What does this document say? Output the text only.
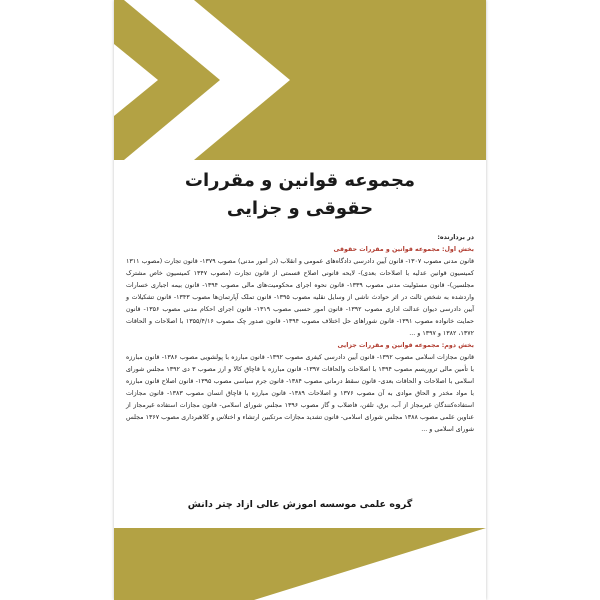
مجموعه قوانین و مقررات
حقوقی و جزایی
در بردارنده:
بخش اول: مجموعه قوانین و مقررات حقوقی

قانون مدنی مصوب ۱۳۰۷- قانون آیین دادرسی دادگاه‌های عمومی و انقلاب (در امور مدنی) مصوب ۱۳۷۹- قانون تجارت (مصوب ۱۳۱۱ کمیسیون قوانین عدلیه با اصلاحات بعدی)- لایحه قانونی اصلاح قسمتی از قانون تجارت (مصوب ۱۳۴۷ کمیسیون خاص مشترک مجلسین)- قانون مسئولیت مدنی مصوب ۱۳۳۹- قانون نحوه اجرای محکومیت‌های مالی مصوب ۱۳۹۴- قانون بیمه اجباری خسارات واردشده به شخص ثالث در اثر حوادث ناشی از وسایل نقلیه مصوب ۱۳۹۵- قانون تملک آپارتمان‌ها مصوب ۱۳۴۳- قانون تشکیلات و آیین دادرسی دیوان عدالت اداری مصوب ۱۳۹۲- قانون امور حسبی مصوب ۱۳۱۹- قانون اجرای احکام مدنی مصوب ۱۳۵۶- قانون حمایت خانواده مصوب ۱۳۹۱- قانون شوراهای حل اختلاف مصوب ۱۳۹۴- قانون صدور چک مصوب ۱۳۵۵/۴/۱۶ با اصلاحات و الحاقات ۱۳۷۲، ۱۳۸۲ و ۱۳۹۷ و ...

بخش دوم: مجموعه قوانین و مقررات جزایی

قانون مجازات اسلامی مصوب ۱۳۹۲- قانون آیین دادرسی کیفری مصوب ۱۳۹۲- قانون مبارزه با پولشویی مصوب ۱۳۸۶- قانون مبارزه با تأمین مالی تروریسم مصوب ۱۳۹۴ با اصلاحات والحاقات ۱۳۹۷- قانون مبارزه با قاچاق کالا و ارز مصوب ۳ دی ۱۳۹۲ مجلس شورای اسلامی با اصلاحات و الحاقات بعدی- قانون سقط درمانی مصوب ۱۳۸۴- قانون جرم سیاسی مصوب ۱۳۹۵- قانون اصلاح قانون مبارزه با مواد مخدر و الحاق موادی به آن مصوب ۱۳۷۶ و اصلاحات ۱۳۸۹- قانون مبارزه با قاچاق انسان مصوب ۱۳۸۳- قانون مجازات استفاده‌کنندگان غیرمجاز از آب، برق، تلفن، فاضلاب و گاز مصوب ۱۳۹۶ مجلس شورای اسلامی- قانون مجازات استفاده غیرمجاز از عناوین علمی مصوب ۱۳۸۸ مجلس شورای اسلامی- قانون تشدید مجازات مرتکبین ارتشاء و اختلاس و کلاهبرداری مصوب ۱۳۶۷ مجلس شورای اسلامی و ...

گروه علمی موسسه اموزش عالی ازاد چتر دانش
